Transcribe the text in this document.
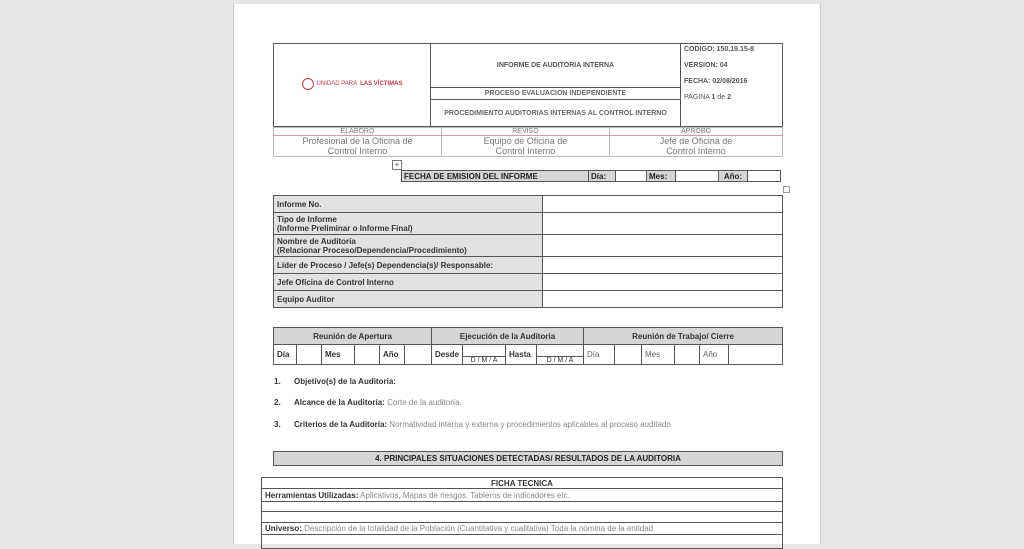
UNIDAD PARA LAS VÍCTIMAS
	INFORME DE AUDITORIA INTERNA	
CODIGO: 150.19.15-8
VERSION: 04
FECHA: 02/08/2016
PAGINA 1 de 2

PROCESO EVALUACION INDEPENDIENTE
PROCEDIMIENTO AUDITORIAS INTERNAS AL CONTROL INTERNO
ELABORO	REVISO	APROBO
Profesional de la Oficina de Control Interno	Equipo de Oficina de Control Interno	Jefe de Oficina de Control Interno
+
FECHA DE EMISION DEL INFORME	Día:		Mes:		Año:	
Informe No.	
Tipo de Informe
(Informe Preliminar o Informe Final)	
Nombre de Auditoría
(Relacionar Proceso/Dependencia/Procedimiento)	
Líder de Proceso / Jefe(s) Dependencia(s)/ Responsable:	
Jefe Oficina de Control Interno	
Equipo Auditor	
Reunión de Apertura						Ejecución de la Auditoria				Reunión de Trabajo/ Cierre					
Día		Mes		Año		Desde	D / M / A	Hasta	D / M / A	Día		Mes		Año	
1. Objetivo(s) de la Auditoria:
2. Alcance de la Auditoría: Corte de la auditoría.
3. Criterios de la Auditoría: Normatividad interna y externa y procedimientos aplicables al proceso auditado
4. PRINCIPALES SITUACIONES DETECTADAS/ RESULTADOS DE LA AUDITORIA
FICHA TECNICA
Herramientas Utilizadas: Aplicativos, Mapas de riesgos, Tableros de indicadores etc.

Universo: Descripción de la totalidad de la Población (Cuantitativa y cualitativa) Toda la nómina de la entidad
